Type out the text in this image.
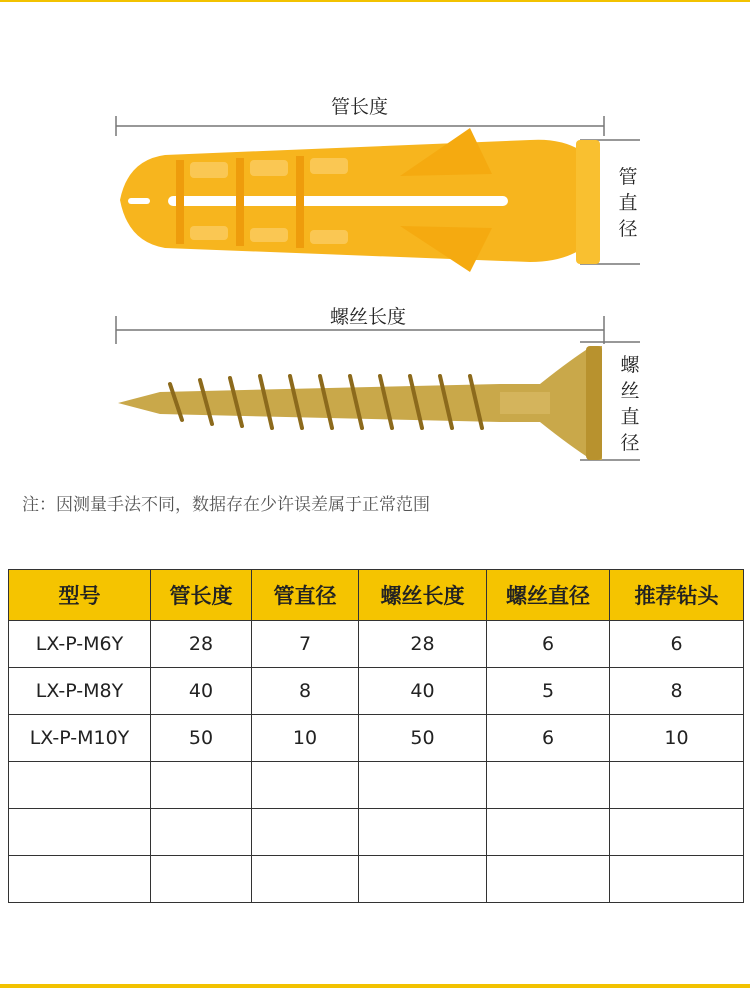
管长度
管直径
螺丝长度
螺丝直径
注：因测量手法不同，数据存在少许误差属于正常范围
型号	管长度	管直径	螺丝长度	螺丝直径	推荐钻头
LX-P-M6Y	28	7	28	6	6
LX-P-M8Y	40	8	40	5	8
LX-P-M10Y	50	10	50	6	10
